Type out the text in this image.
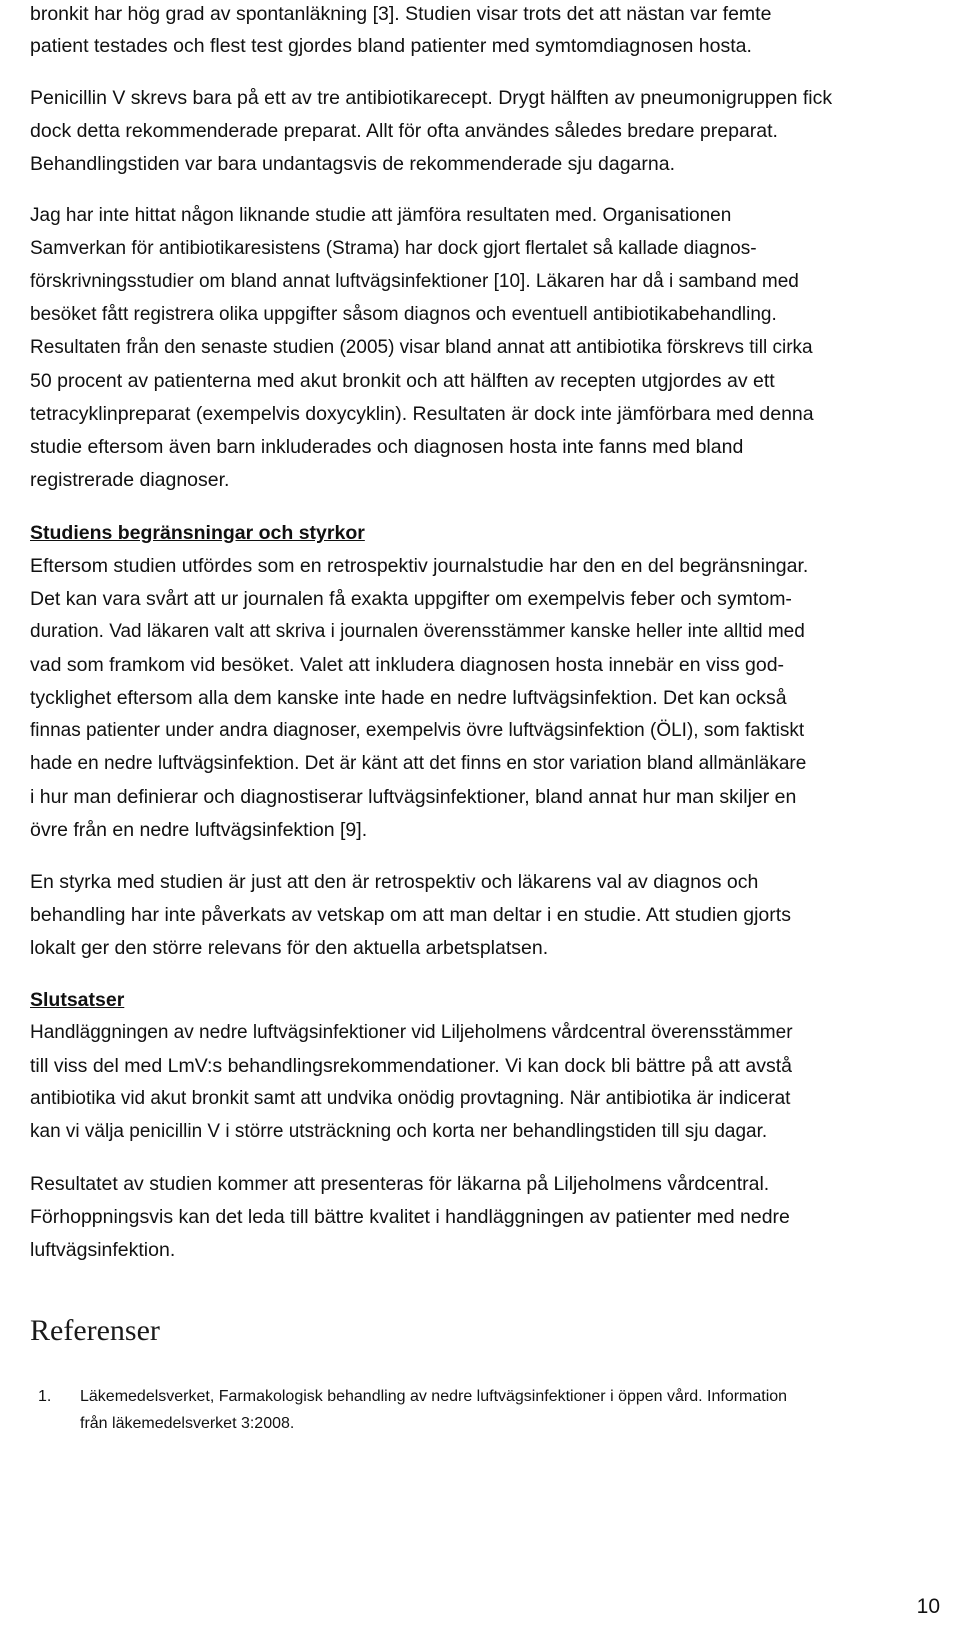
bronkit har hög grad av spontanläkning [3]. Studien visar trots det att nästan var femte
patient testades och flest test gjordes bland patienter med symtomdiagnosen hosta.
Penicillin V skrevs bara på ett av tre antibiotikarecept. Drygt hälften av pneumonigruppen fick
dock detta rekommenderade preparat. Allt för ofta användes således bredare preparat.
Behandlingstiden var bara undantagsvis de rekommenderade sju dagarna.
Jag har inte hittat någon liknande studie att jämföra resultaten med. Organisationen
Samverkan för antibiotikaresistens (Strama) har dock gjort flertalet så kallade diagnos-
förskrivningsstudier om bland annat luftvägsinfektioner [10]. Läkaren har då i samband med
besöket fått registrera olika uppgifter såsom diagnos och eventuell antibiotikabehandling.
Resultaten från den senaste studien (2005) visar bland annat att antibiotika förskrevs till cirka
50 procent av patienterna med akut bronkit och att hälften av recepten utgjordes av ett
tetracyklinpreparat (exempelvis doxycyklin). Resultaten är dock inte jämförbara med denna
studie eftersom även barn inkluderades och diagnosen hosta inte fanns med bland
registrerade diagnoser.
Studiens begränsningar och styrkor
Eftersom studien utfördes som en retrospektiv journalstudie har den en del begränsningar.
Det kan vara svårt att ur journalen få exakta uppgifter om exempelvis feber och symtom-
duration. Vad läkaren valt att skriva i journalen överensstämmer kanske heller inte alltid med
vad som framkom vid besöket. Valet att inkludera diagnosen hosta innebär en viss god-
tycklighet eftersom alla dem kanske inte hade en nedre luftvägsinfektion. Det kan också
finnas patienter under andra diagnoser, exempelvis övre luftvägsinfektion (ÖLI), som faktiskt
hade en nedre luftvägsinfektion. Det är känt att det finns en stor variation bland allmänläkare
i hur man definierar och diagnostiserar luftvägsinfektioner, bland annat hur man skiljer en
övre från en nedre luftvägsinfektion [9].
En styrka med studien är just att den är retrospektiv och läkarens val av diagnos och
behandling har inte påverkats av vetskap om att man deltar i en studie. Att studien gjorts
lokalt ger den större relevans för den aktuella arbetsplatsen.
Slutsatser
Handläggningen av nedre luftvägsinfektioner vid Liljeholmens vårdcentral överensstämmer
till viss del med LmV:s behandlingsrekommendationer. Vi kan dock bli bättre på att avstå
antibiotika vid akut bronkit samt att undvika onödig provtagning. När antibiotika är indicerat
kan vi välja penicillin V i större utsträckning och korta ner behandlingstiden till sju dagar.
Resultatet av studien kommer att presenteras för läkarna på Liljeholmens vårdcentral.
Förhoppningsvis kan det leda till bättre kvalitet i handläggningen av patienter med nedre
luftvägsinfektion.
Referenser
1. Läkemedelsverket, Farmakologisk behandling av nedre luftvägsinfektioner i öppen vård. Information
från läkemedelsverket 3:2008.
10
